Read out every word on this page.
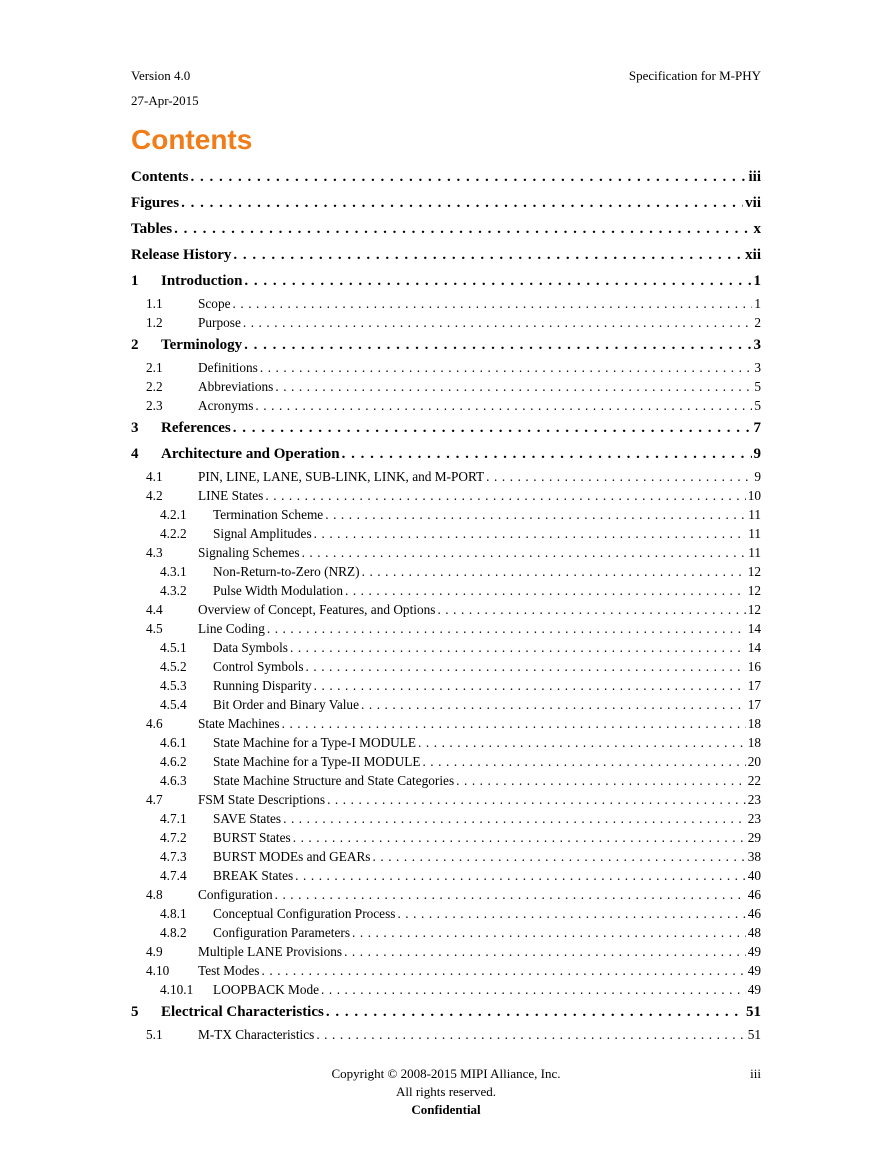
Version 4.0
27-Apr-2015
Specification for M-PHY
Contents
Contents . . .	iii
Figures . . .	vii
Tables . . .	x
Release History . . .	xii
1	Introduction . . .	1
1.1	Scope . . .	1
1.2	Purpose . . .	2
2	Terminology . . .	3
2.1	Definitions . . .	3
2.2	Abbreviations . . .	5
2.3	Acronyms . . .	5
3	References . . .	7
4	Architecture and Operation . . .	9
4.1	PIN, LINE, LANE, SUB-LINK, LINK, and M-PORT . . .	9
4.2	LINE States . . .	10
4.2.1	Termination Scheme . . .	11
4.2.2	Signal Amplitudes . . .	11
4.3	Signaling Schemes . . .	11
4.3.1	Non-Return-to-Zero (NRZ) . . .	12
4.3.2	Pulse Width Modulation . . .	12
4.4	Overview of Concept, Features, and Options . . .	12
4.5	Line Coding . . .	14
4.5.1	Data Symbols . . .	14
4.5.2	Control Symbols . . .	16
4.5.3	Running Disparity . . .	17
4.5.4	Bit Order and Binary Value . . .	17
4.6	State Machines . . .	18
4.6.1	State Machine for a Type-I MODULE . . .	18
4.6.2	State Machine for a Type-II MODULE . . .	20
4.6.3	State Machine Structure and State Categories . . .	22
4.7	FSM State Descriptions . . .	23
4.7.1	SAVE States . . .	23
4.7.2	BURST States . . .	29
4.7.3	BURST MODEs and GEARs . . .	38
4.7.4	BREAK States . . .	40
4.8	Configuration . . .	46
4.8.1	Conceptual Configuration Process . . .	46
4.8.2	Configuration Parameters . . .	48
4.9	Multiple LANE Provisions . . .	49
4.10	Test Modes . . .	49
4.10.1	LOOPBACK Mode . . .	49
5	Electrical Characteristics . . .	51
5.1	M-TX Characteristics . . .	51
Copyright © 2008-2015 MIPI Alliance, Inc.
All rights reserved.
Confidential
iii
